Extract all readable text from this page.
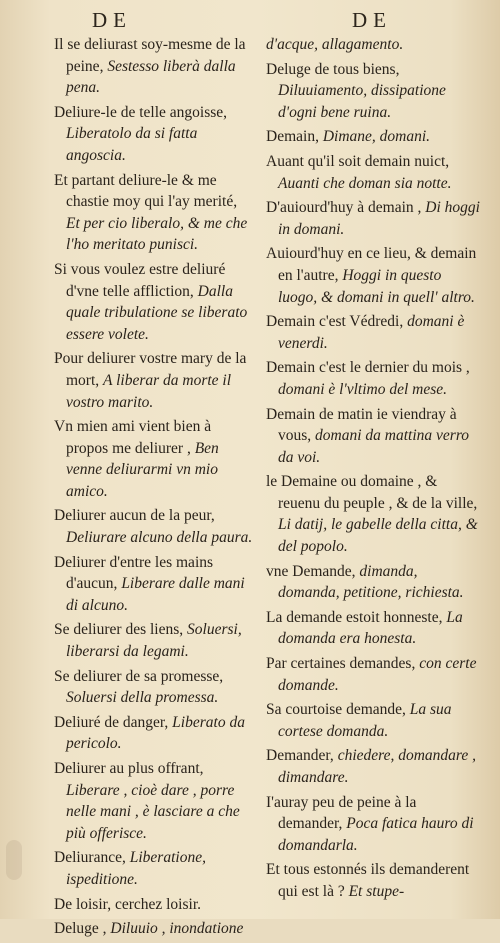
DE	DE

Il se deliurast soy-mesme de la peine, Sestesso liberà dalla pena.

Deliure-le de telle angoisse, Liberatolo da si fatta angoscia.

Et partant deliure-le & me chastie moy qui l'ay merité, Et per cio liberalo, & me che l'ho meritato punisci.

Si vous voulez estre deliuré d'vne telle affliction, Dalla quale tribulatione se liberato essere volete.

Pour deliurer vostre mary de la mort, A liberar da morte il vostro marito.

Vn mien ami vient bien à propos me deliurer , Ben venne deliurarmi vn mio amico.

Deliurer aucun de la peur, Deliurare alcuno della paura.

Deliurer d'entre les mains d'aucun, Liberare dalle mani di alcuno.

Se deliurer des liens, Soluersi, liberarsi da legami.

Se deliurer de sa promesse, Soluersi della promessa.

Deliuré de danger, Liberato da pericolo.

Deliurer au plus offrant, Liberare , cioè dare , porre nelle mani , è lasciare a che più offerisce.

Deliurance, Liberatione, ispeditione.

De loisir, cerchez loisir.

Deluge , Diluuio , inondatione

d'acque, allagamento.

Deluge de tous biens, Diluuiamento, dissipatione d'ogni bene ruina.

Demain, Dimane, domani.

Auant qu'il soit demain nuict, Auanti che doman sia notte.

D'auiourd'huy à demain , Di hoggi in domani.

Auiourd'huy en ce lieu, & demain en l'autre, Hoggi in questo luogo, & domani in quell' altro.

Demain c'est Védredi, domani è venerdi.

Demain c'est le dernier du mois , domani è l'vltimo del mese.

Demain de matin ie viendray à vous, domani da mattina verro da voi.

le Demaine ou domaine , & reuenu du peuple , & de la ville, Li datij, le gabelle della citta, & del popolo.

vne Demande, dimanda, domanda, petitione, richiesta.

La demande estoit honneste, La domanda era honesta.

Par certaines demandes, con certe domande.

Sa courtoise demande, La sua cortese domanda.

Demander, chiedere, domandare , dimandare.

I'auray peu de peine à la demander, Poca fatica hauro di domandarla.

Et tous estonnés ils demanderent qui est là ? Et stupe-
